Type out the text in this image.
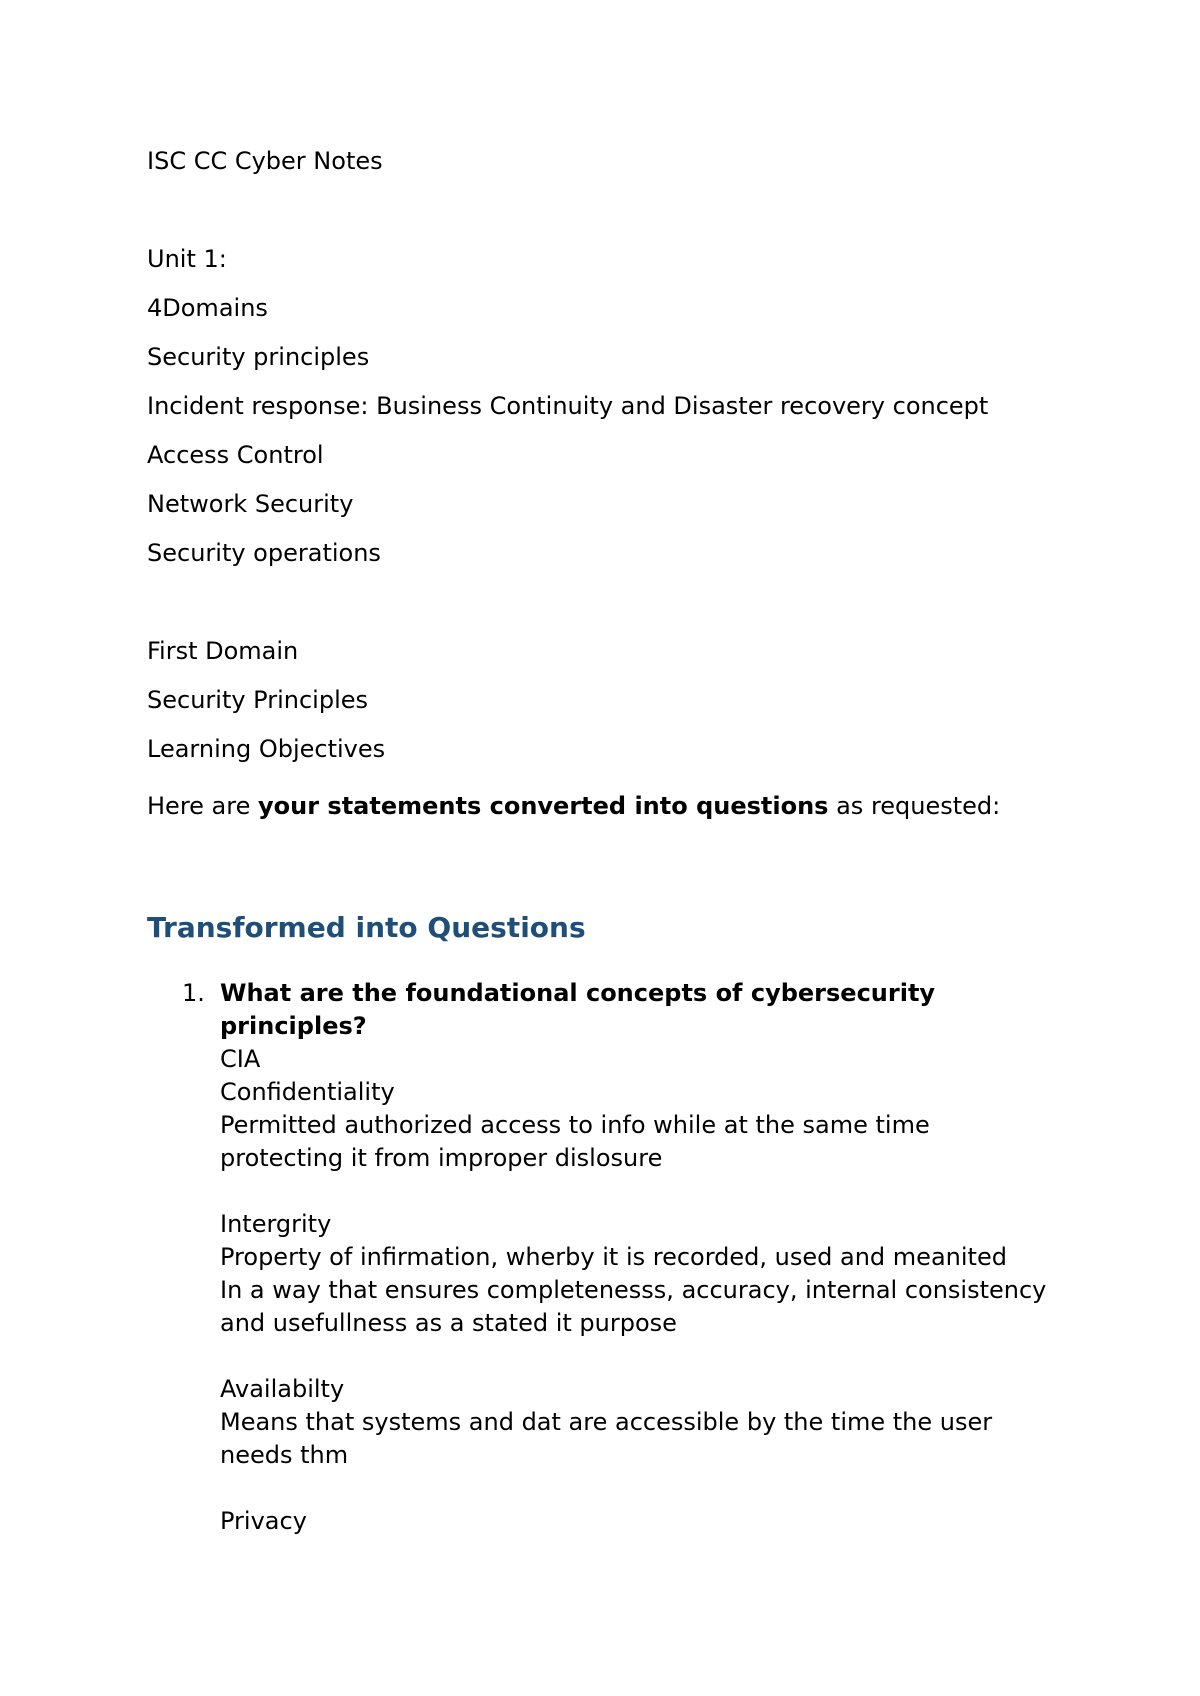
ISC CC Cyber Notes
Unit 1:
4Domains
Security principles
Incident response: Business Continuity and Disaster recovery concept
Access Control
Network Security
Security operations
First Domain
Security Principles
Learning Objectives
Here are your statements converted into questions as requested:
Transformed into Questions
1. What are the foundational concepts of cybersecurity
principles?
CIA
Confidentiality
Permitted authorized access to info while at the same time
protecting it from improper dislosure
Intergrity
Property of infirmation, wherby it is recorded, used and meanited
In a way that ensures completenesss, accuracy, internal consistency
and usefullness as a stated it purpose
Availabilty
Means that systems and dat are accessible by the time the user
needs thm
Privacy
